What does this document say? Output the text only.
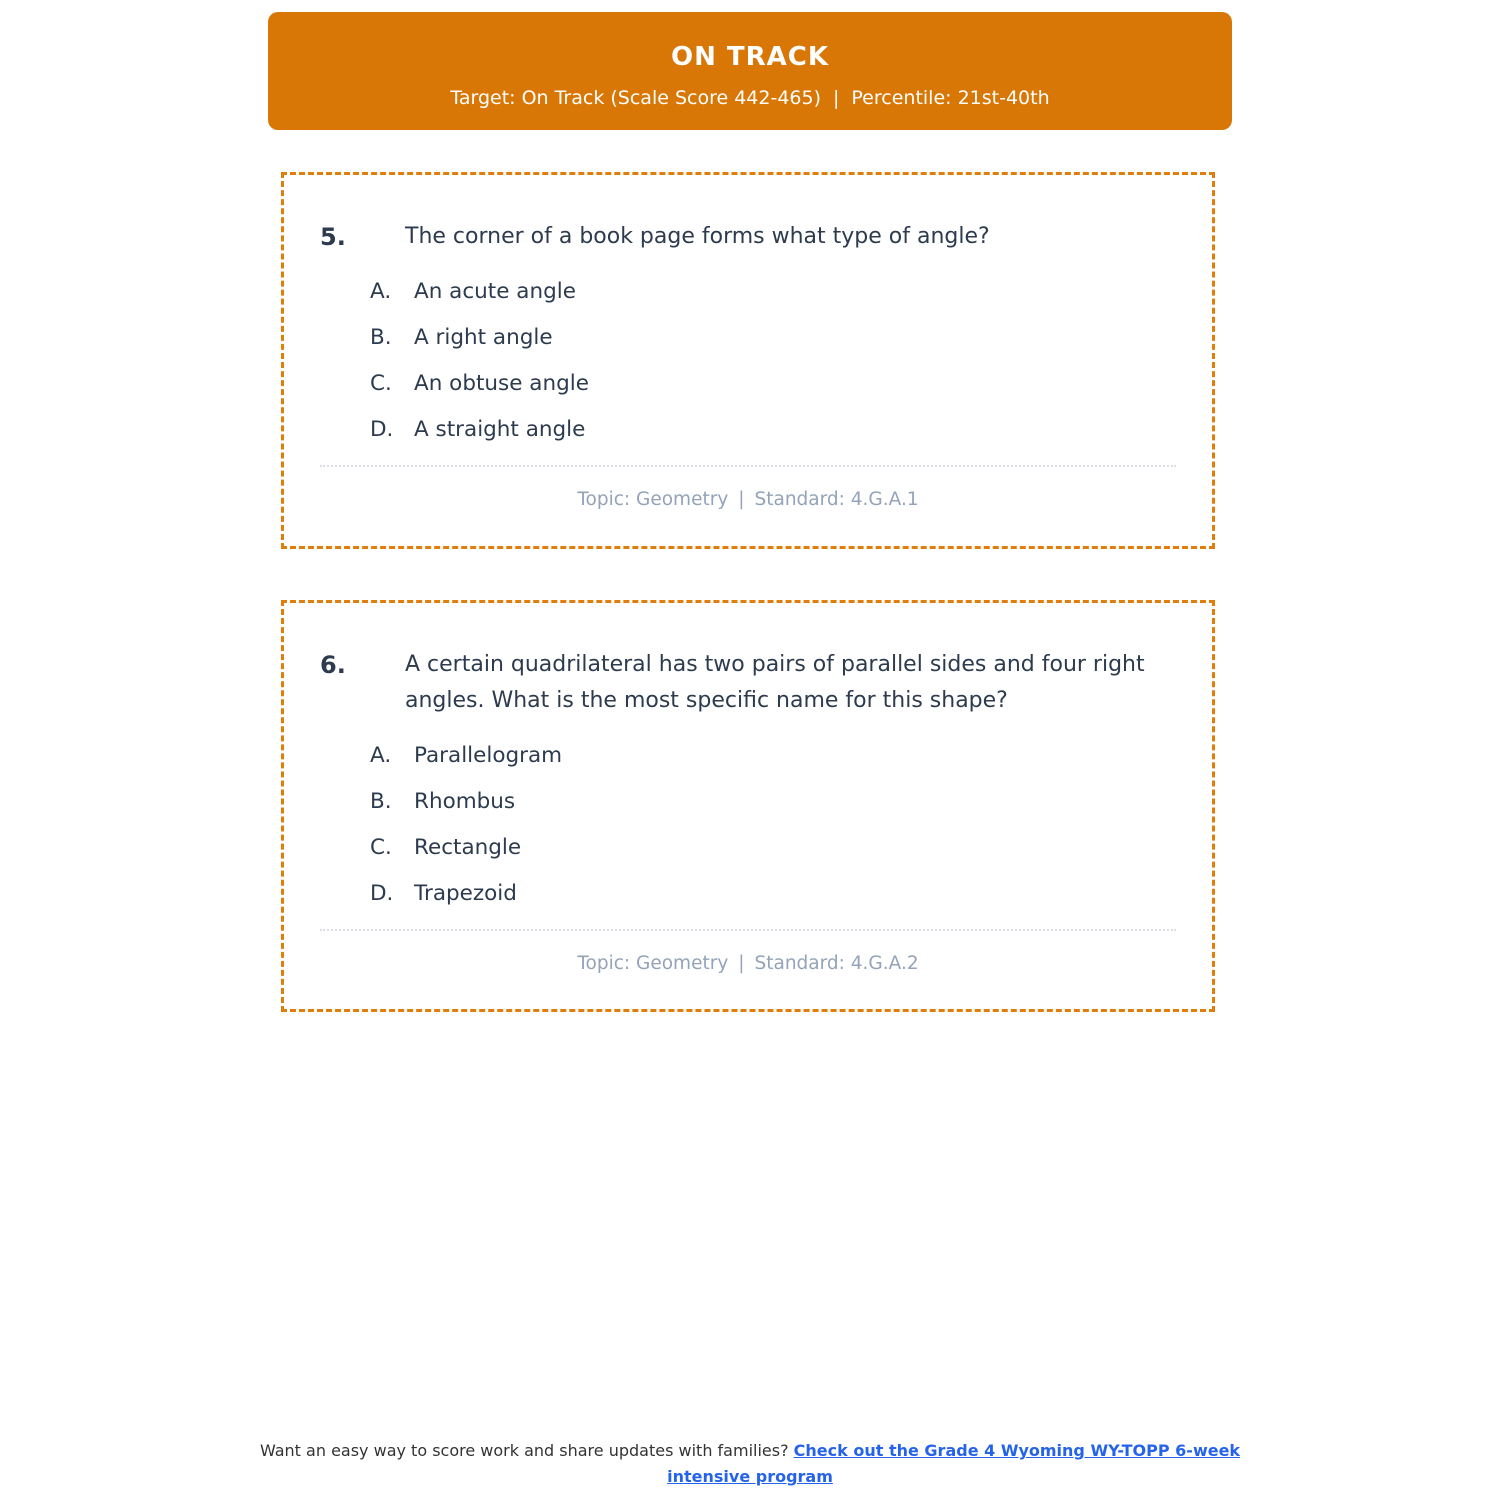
ON TRACK
Target: On Track (Scale Score 442-465) | Percentile: 21st-40th
5.	The corner of a book page forms what type of angle?
A.	An acute angle
B.	A right angle
C.	An obtuse angle
D. A straight angle
Topic: Geometry | Standard: 4.G.A.1
6.	A certain quadrilateral has two pairs of parallel sides and four right angles. What is the most specific name for this shape?
A.	Parallelogram
B.	Rhombus
C.	Rectangle
D. Trapezoid
Topic: Geometry | Standard: 4.G.A.2
Want an easy way to score work and share updates with families? Check out the Grade 4 Wyoming WY-TOPP 6-week intensive program
